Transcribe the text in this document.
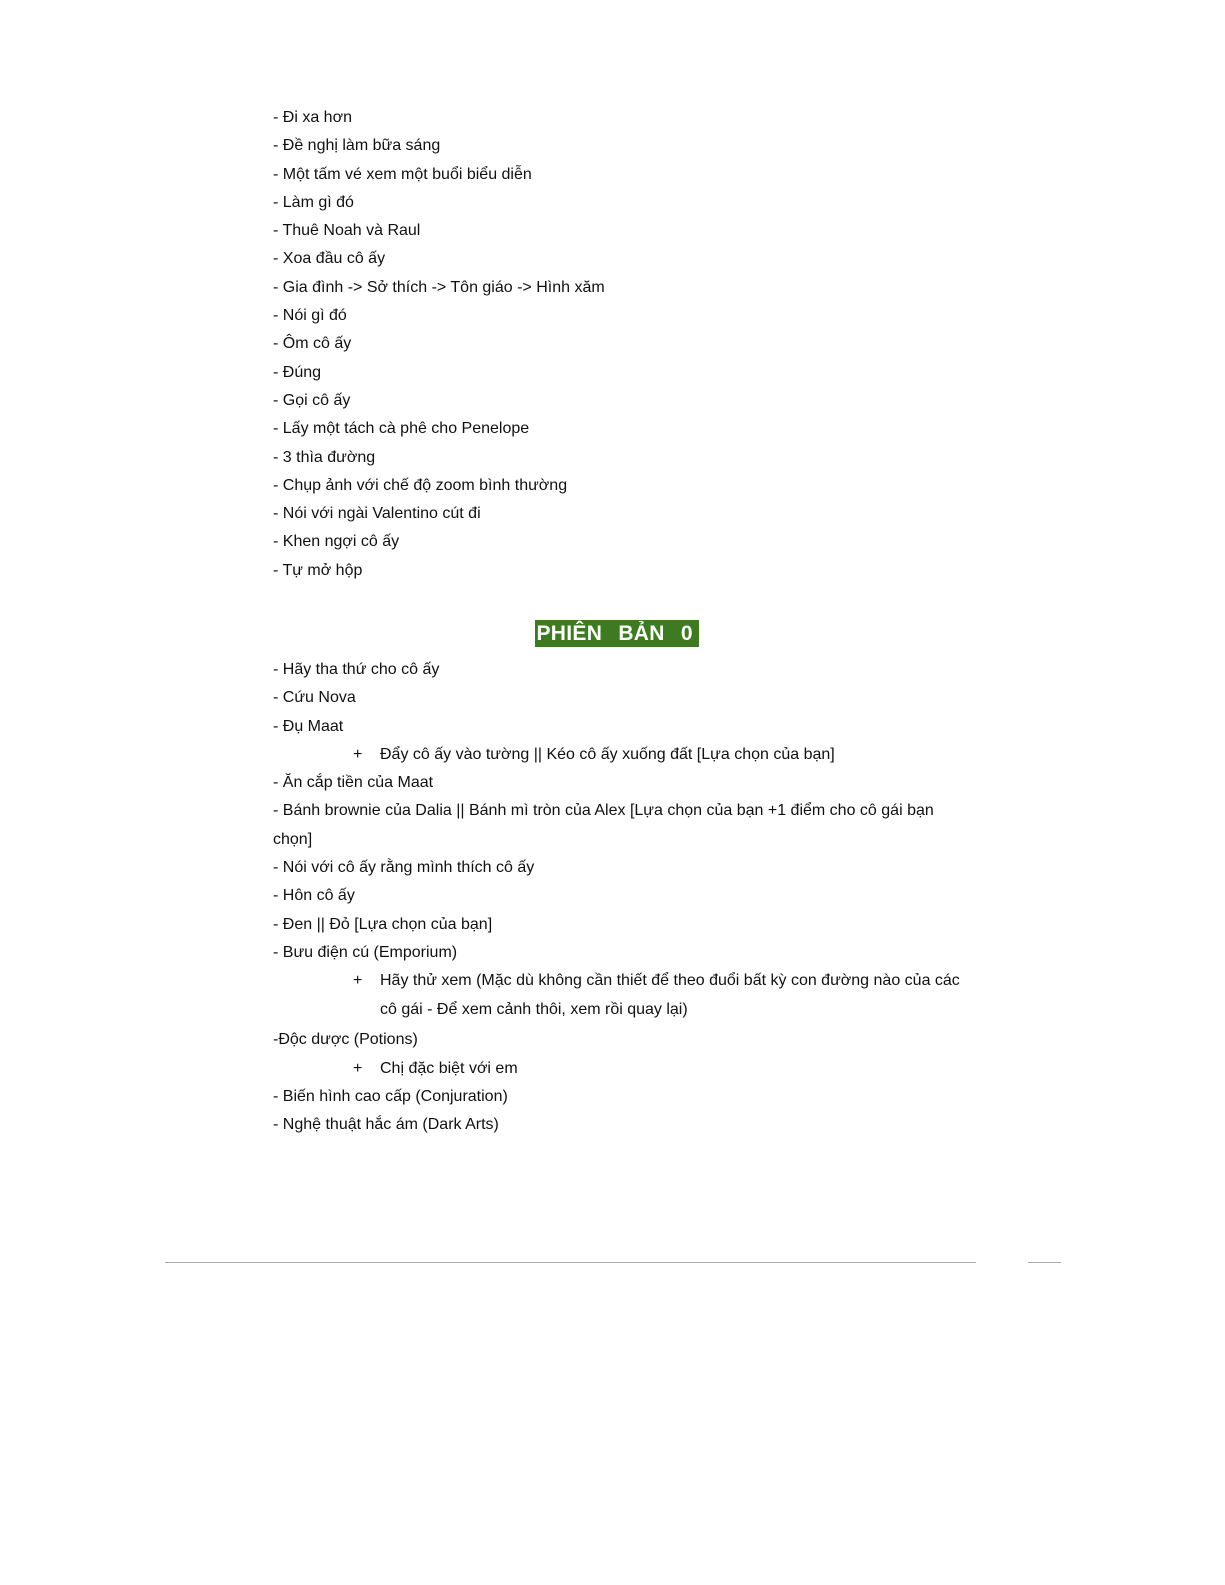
- Đi xa hơn
- Đề nghị làm bữa sáng
- Một tấm vé xem một buổi biểu diễn
- Làm gì đó
- Thuê Noah và Raul
- Xoa đầu cô ấy
- Gia đình -> Sở thích -> Tôn giáo -> Hình xăm
- Nói gì đó
- Ôm cô ấy
- Đúng
- Gọi cô ấy
- Lấy một tách cà phê cho Penelope
- 3 thìa đường
- Chụp ảnh với chế độ zoom bình thường
- Nói với ngài Valentino cút đi
- Khen ngợi cô ấy
- Tự mở hộp
PHIÊN BẢN 0
- Hãy tha thứ cho cô ấy
- Cứu Nova
- Đụ Maat
+	Đẩy cô ấy vào tường || Kéo cô ấy xuống đất [Lựa chọn của bạn]
- Ăn cắp tiền của Maat
- Bánh brownie của Dalia || Bánh mì tròn của Alex [Lựa chọn của bạn +1 điểm cho cô gái bạn chọn]
- Nói với cô ấy rằng mình thích cô ấy
- Hôn cô ấy
- Đen || Đỏ [Lựa chọn của bạn]
- Bưu điện cú (Emporium)
+	Hãy thử xem (Mặc dù không cần thiết để theo đuổi bất kỳ con đường nào của các cô gái - Để xem cảnh thôi, xem rồi quay lại)
-Độc dược (Potions)
+	Chị đặc biệt với em
- Biến hình cao cấp (Conjuration)
- Nghệ thuật hắc ám (Dark Arts)
